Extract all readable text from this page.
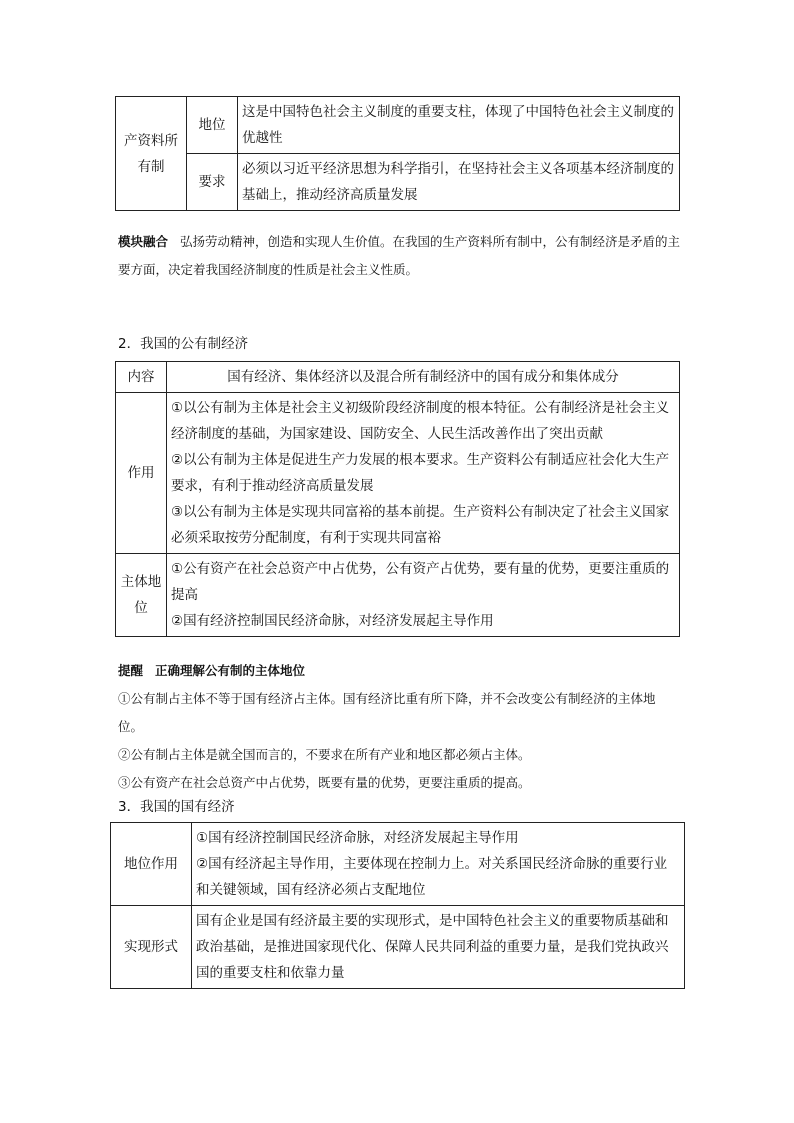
产资料所有制	地位	这是中国特色社会主义制度的重要支柱，体现了中国特色社会主义制度的优越性
	要求	必须以习近平经济思想为科学指引，在坚持社会主义各项基本经济制度的基础上，推动经济高质量发展
模块融合 弘扬劳动精神，创造和实现人生价值。在我国的生产资料所有制中，公有制经济是矛盾的主要方面，决定着我国经济制度的性质是社会主义性质。
2．我国的公有制经济
内容	国有经济、集体经济以及混合所有制经济中的国有成分和集体成分
作用	①以公有制为主体是社会主义初级阶段经济制度的根本特征。公有制经济是社会主义经济制度的基础，为国家建设、国防安全、人民生活改善作出了突出贡献

②以公有制为主体是促进生产力发展的根本要求。生产资料公有制适应社会化大生产要求，有利于推动经济高质量发展

③以公有制为主体是实现共同富裕的基本前提。生产资料公有制决定了社会主义国家必须采取按劳分配制度，有利于实现共同富裕

主体地位	①公有资产在社会总资产中占优势，公有资产占优势，要有量的优势，更要注重质的提高

②国有经济控制国民经济命脉，对经济发展起主导作用

提醒 正确理解公有制的主体地位

①公有制占主体不等于国有经济占主体。国有经济比重有所下降，并不会改变公有制经济的主体地位。

②公有制占主体是就全国而言的，不要求在所有产业和地区都必须占主体。

③公有资产在社会总资产中占优势，既要有量的优势，更要注重质的提高。

3．我国的国有经济
地位作用	①国有经济控制国民经济命脉，对经济发展起主导作用

②国有经济起主导作用，主要体现在控制力上。对关系国民经济命脉的重要行业和关键领域，国有经济必须占支配地位

实现形式	国有企业是国有经济最主要的实现形式，是中国特色社会主义的重要物质基础和政治基础，是推进国家现代化、保障人民共同利益的重要力量，是我们党执政兴国的重要支柱和依靠力量
